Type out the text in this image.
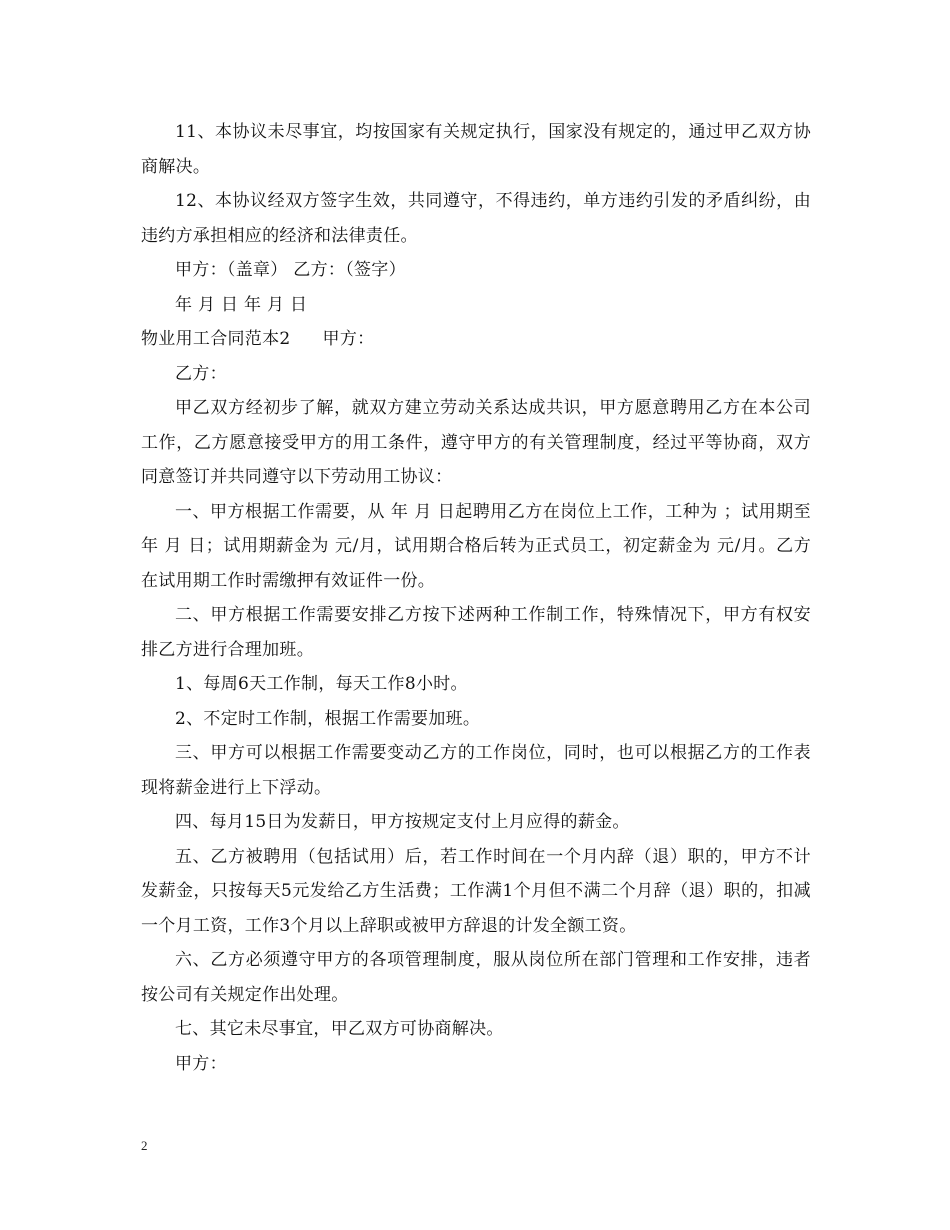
11、本协议未尽事宜，均按国家有关规定执行，国家没有规定的，通过甲乙双方协商解决。

12、本协议经双方签字生效，共同遵守，不得违约，单方违约引发的矛盾纠纷，由违约方承担相应的经济和法律责任。

甲方：（盖章） 乙方：（签字）

年 月 日 年 月 日

物业用工合同范本2 甲方：

乙方：

甲乙双方经初步了解，就双方建立劳动关系达成共识，甲方愿意聘用乙方在本公司工作，乙方愿意接受甲方的用工条件，遵守甲方的有关管理制度，经过平等协商，双方同意签订并共同遵守以下劳动用工协议：

一、甲方根据工作需要，从 年 月 日起聘用乙方在岗位上工作，工种为 ；试用期至 年 月 日；试用期薪金为 元/月，试用期合格后转为正式员工，初定薪金为 元/月。乙方在试用期工作时需缴押有效证件一份。

二、甲方根据工作需要安排乙方按下述两种工作制工作，特殊情况下，甲方有权安排乙方进行合理加班。

1、每周6天工作制，每天工作8小时。

2、不定时工作制，根据工作需要加班。

三、甲方可以根据工作需要变动乙方的工作岗位，同时，也可以根据乙方的工作表现将薪金进行上下浮动。

四、每月15日为发薪日，甲方按规定支付上月应得的薪金。

五、乙方被聘用（包括试用）后，若工作时间在一个月内辞（退）职的，甲方不计发薪金，只按每天5元发给乙方生活费；工作满1个月但不满二个月辞（退）职的，扣减一个月工资，工作3个月以上辞职或被甲方辞退的计发全额工资。

六、乙方必须遵守甲方的各项管理制度，服从岗位所在部门管理和工作安排，违者按公司有关规定作出处理。

七、其它未尽事宜，甲乙双方可协商解决。

甲方：

2
